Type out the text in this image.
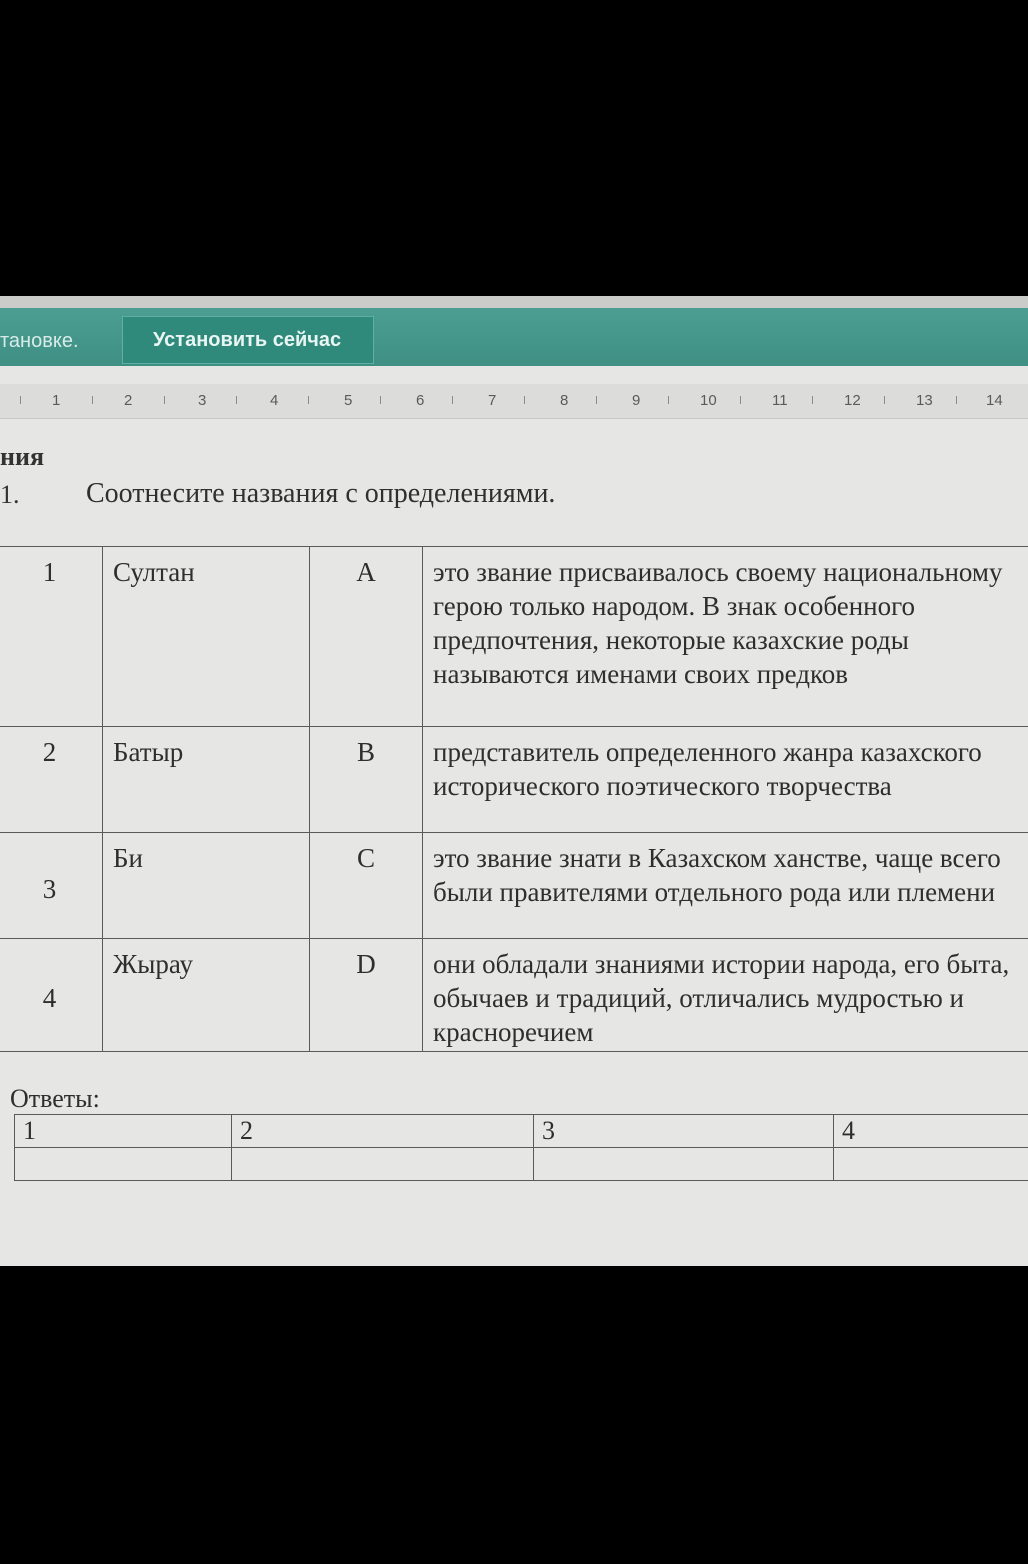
тановке.	Установить сейчас
1	2	3	4	5	6	7	8	9	10	11	12	13	14
ния
1. Соотнесите названия с определениями.
1	Султан	A	это звание присваивалось своему национальному герою только народом. В знак особенного предпочтения, некоторые казахские роды называются именами своих предков
2	Батыр	B	представитель определенного жанра казахского исторического поэтического творчества
3	Би	C	это звание знати в Казахском ханстве, чаще всего были правителями отдельного рода или племени
4	Жырау	D	они обладали знаниями истории народа, его быта, обычаев и традиций, отличались мудростью и красноречием
Ответы:
1	2	3	4
